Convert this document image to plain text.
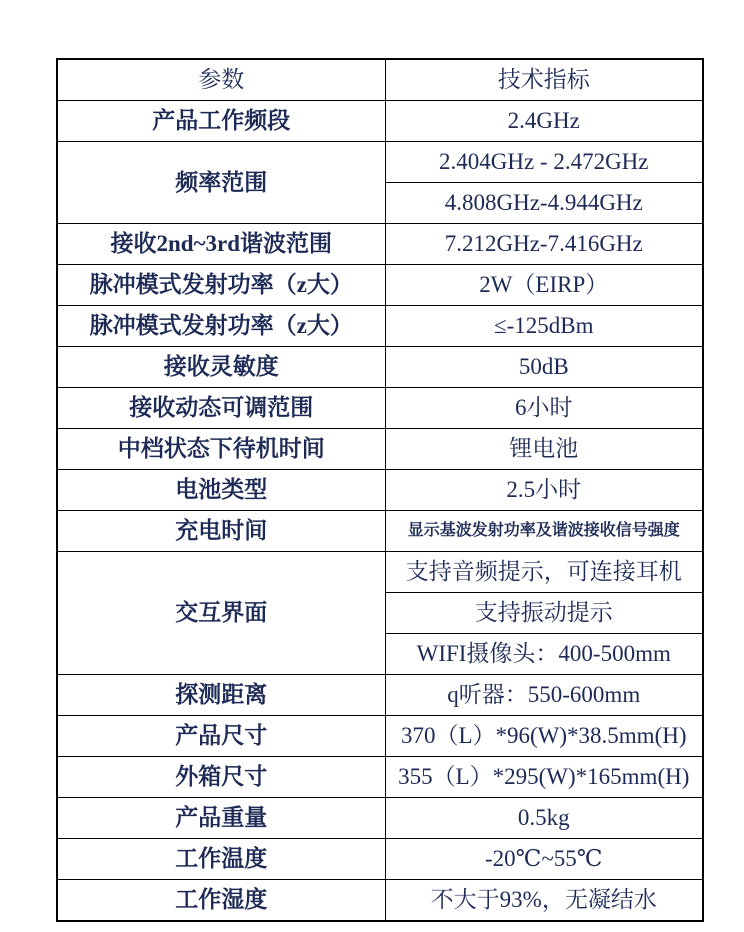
参数	技术指标
产品工作频段	2.4GHz
频率范围	2.404GHz - 2.472GHz
	4.808GHz-4.944GHz
接收2nd~3rd谐波范围	7.212GHz-7.416GHz
脉冲模式发射功率（z大）	2W（EIRP）
脉冲模式发射功率（z大）	≤-125dBm
接收灵敏度	50dB
接收动态可调范围	6小时
中档状态下待机时间	锂电池
电池类型	2.5小时
充电时间	显示基波发射功率及谐波接收信号强度
交互界面	支持音频提示，可连接耳机
	支持振动提示
	WIFI摄像头：400-500mm
探测距离	q听器：550-600mm
产品尺寸	370（L）*96(W)*38.5mm(H)
外箱尺寸	355（L）*295(W)*165mm(H)
产品重量	0.5kg
工作温度	-20℃~55℃
工作湿度	不大于93%，无凝结水
